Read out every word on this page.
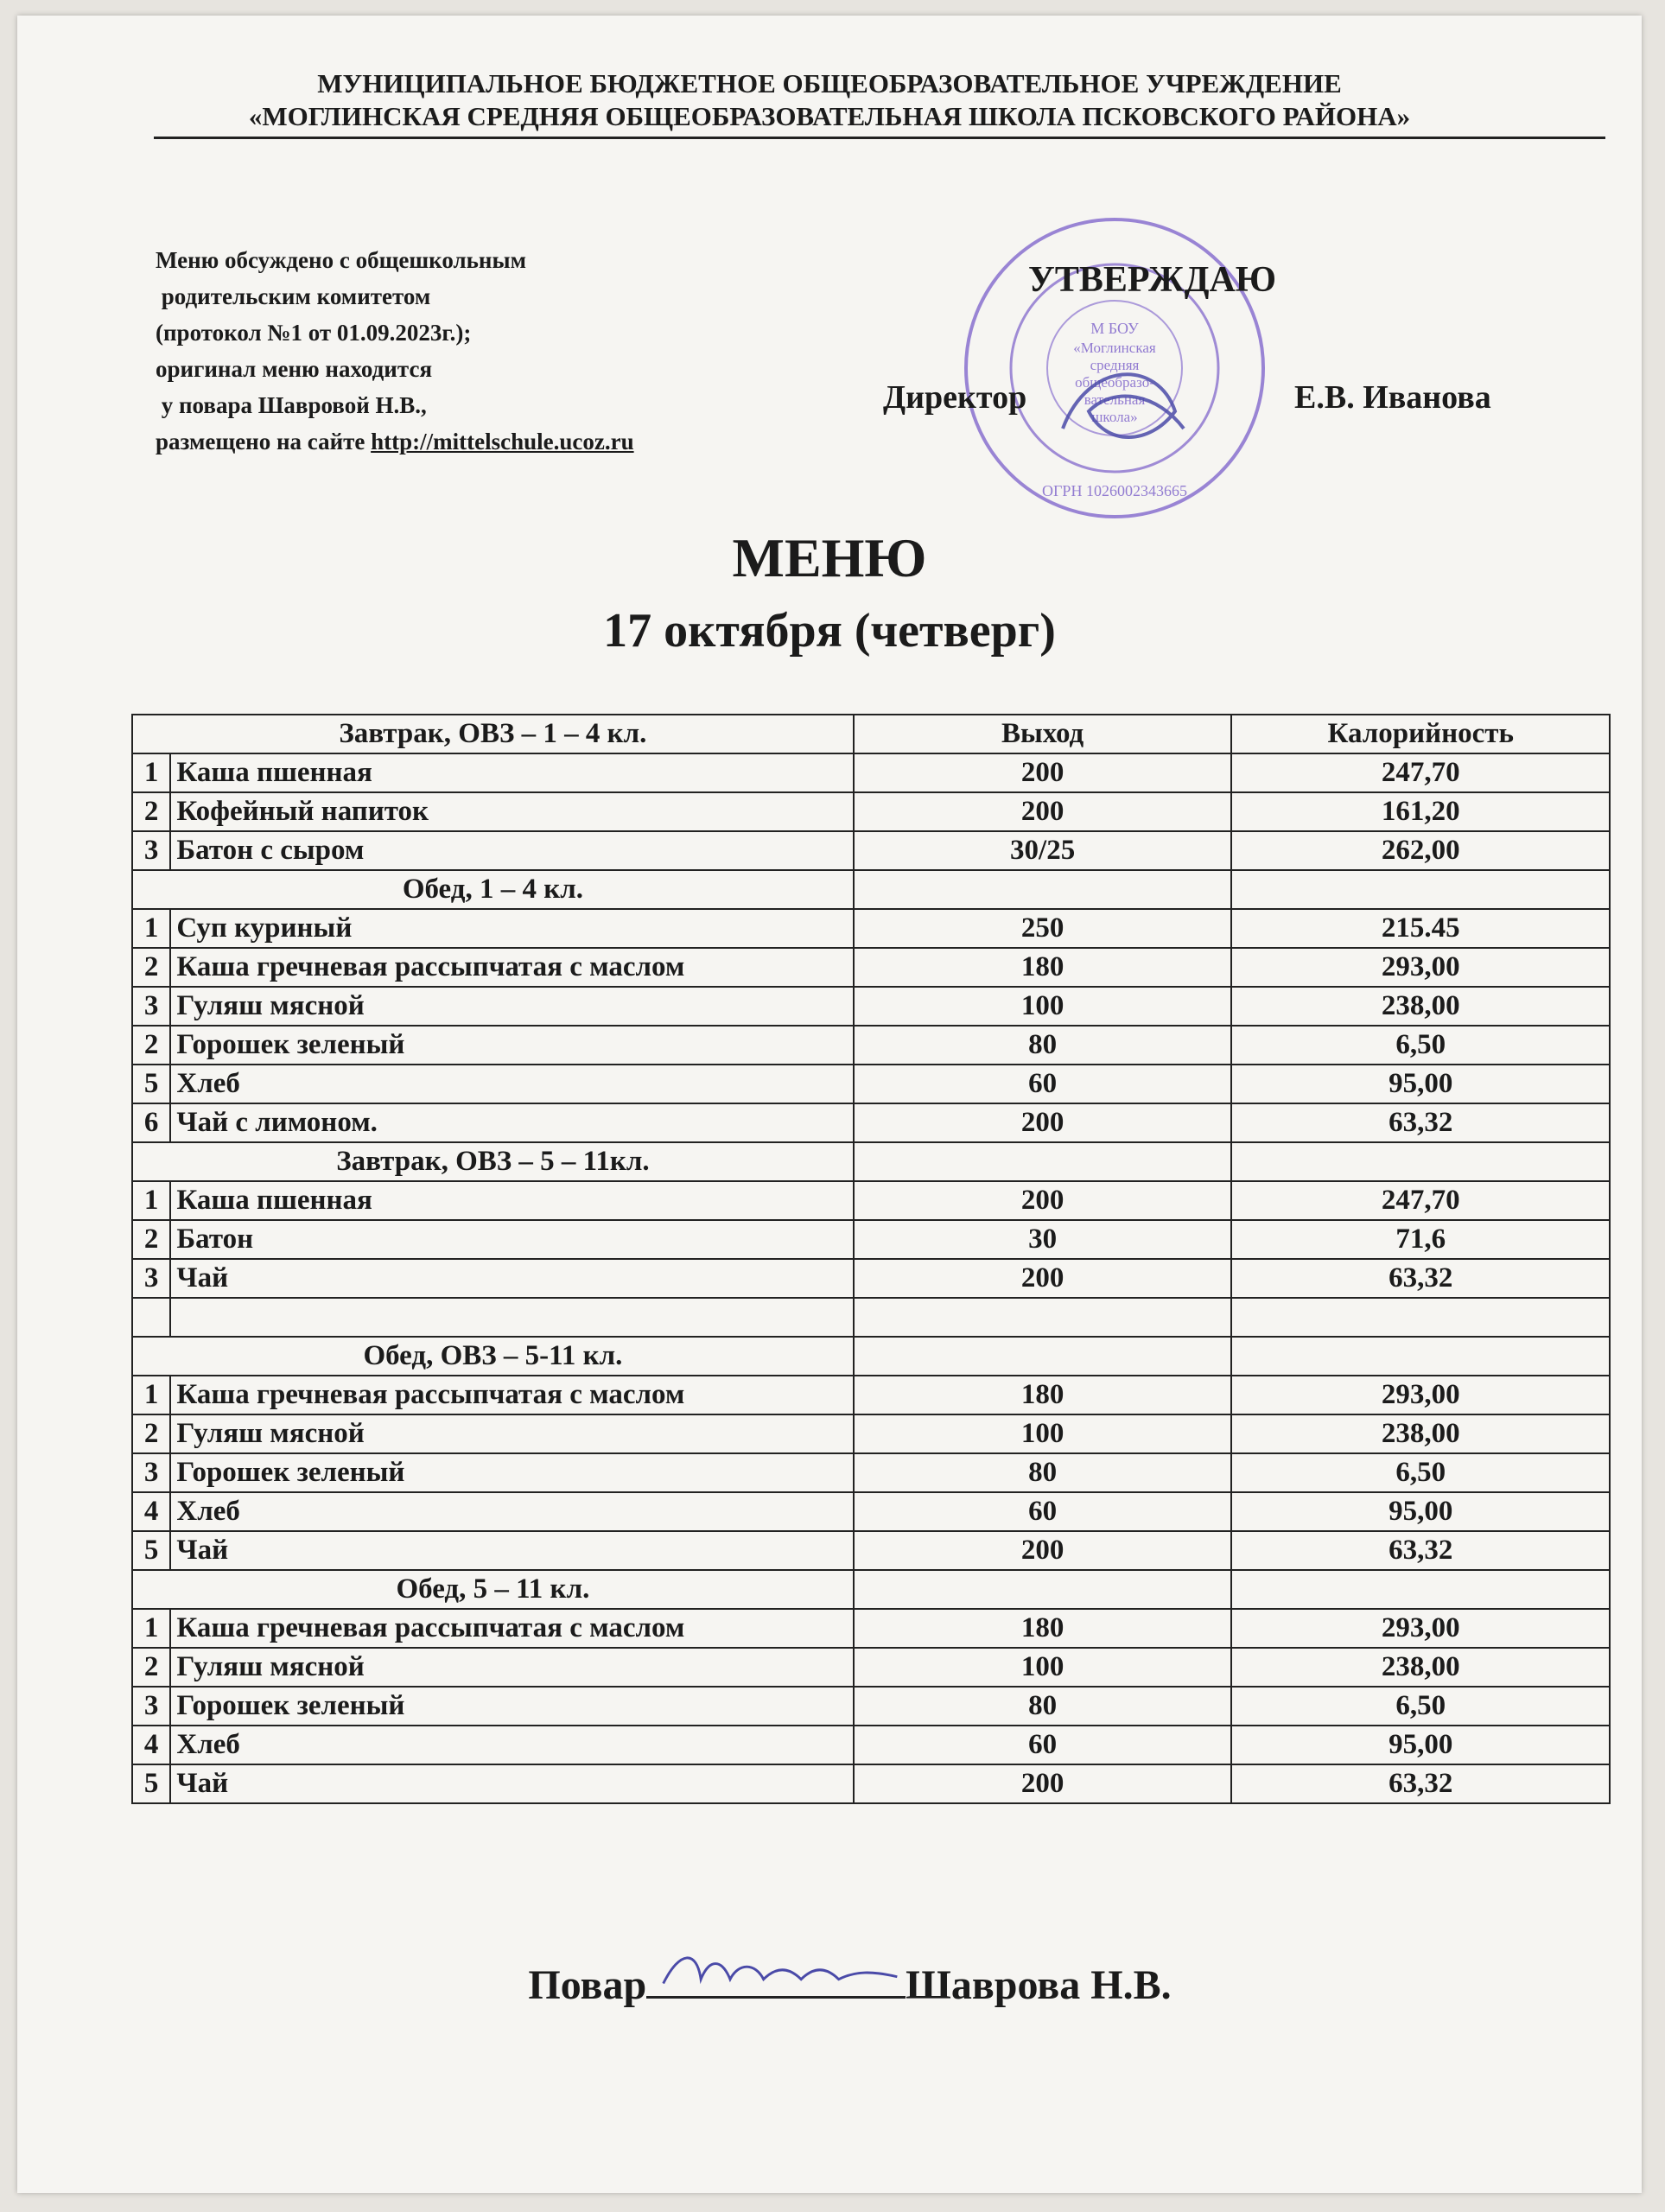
МУНИЦИПАЛЬНОЕ БЮДЖЕТНОЕ ОБЩЕОБРАЗОВАТЕЛЬНОЕ УЧРЕЖДЕНИЕ
«МОГЛИНСКАЯ СРЕДНЯЯ ОБЩЕОБРАЗОВАТЕЛЬНАЯ ШКОЛА ПСКОВСКОГО РАЙОНА»
Меню обсуждено с общешкольным
родительским комитетом
(протокол №1 от 01.09.2023г.);
оригинал меню находится
у повара Шавровой Н.В.,
размещено на сайте http://mittelschule.ucoz.ru
М БОУ
«Моглинская
средняя
общеобразо-
вательная
школа»
ОГРН 1026002343665
УТВЕРЖДАЮ
Директор	Е.В. Иванова
МЕНЮ
17 октября (четверг)
Завтрак, ОВЗ – 1 – 4 кл.		Выход	Калорийность
1	Каша пшенная	200	247,70
2	Кофейный напиток	200	161,20
3	Батон с сыром	30/25	262,00
Обед, 1 – 4 кл.			
1	Суп куриный	250	215.45
2	Каша гречневая рассыпчатая с маслом	180	293,00
3	Гуляш мясной	100	238,00
2	Горошек зеленый	80	6,50
5	Хлеб	60	95,00
6	Чай с лимоном.	200	63,32
Завтрак, ОВЗ – 5 – 11кл.			
1	Каша пшенная	200	247,70
2	Батон	30	71,6
3	Чай	200	63,32

Обед, ОВЗ – 5-11 кл.			
1	Каша гречневая рассыпчатая с маслом	180	293,00
2	Гуляш мясной	100	238,00
3	Горошек зеленый	80	6,50
4	Хлеб	60	95,00
5	Чай	200	63,32
Обед, 5 – 11 кл.			
1	Каша гречневая рассыпчатая с маслом	180	293,00
2	Гуляш мясной	100	238,00
3	Горошек зеленый	80	6,50
4	Хлеб	60	95,00
5	Чай	200	63,32
Повар	Шаврова Н.В.
